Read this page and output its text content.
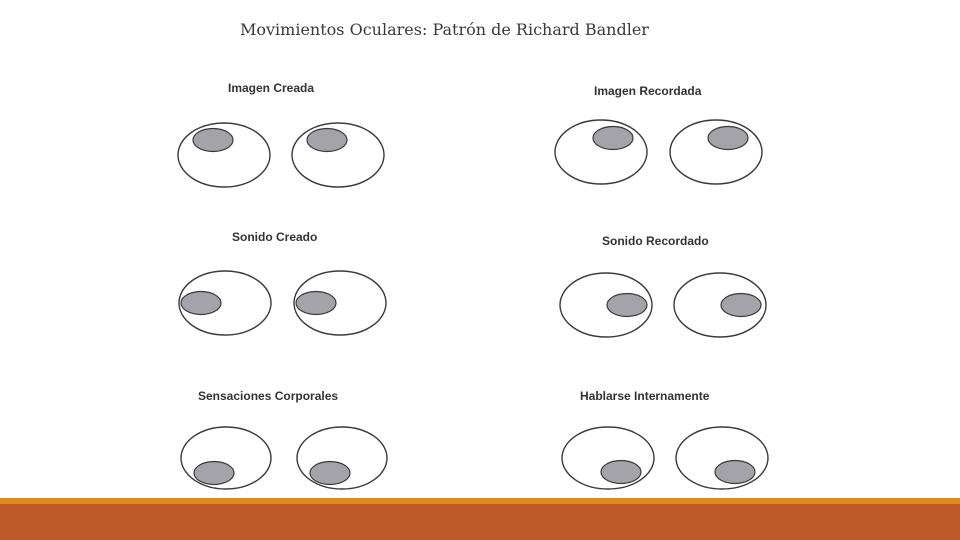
Movimientos Oculares: Patrón de Richard Bandler
Imagen Creada	Imagen Recordada
Sonido Creado	Sonido Recordado
Sensaciones Corporales	Hablarse Internamente
